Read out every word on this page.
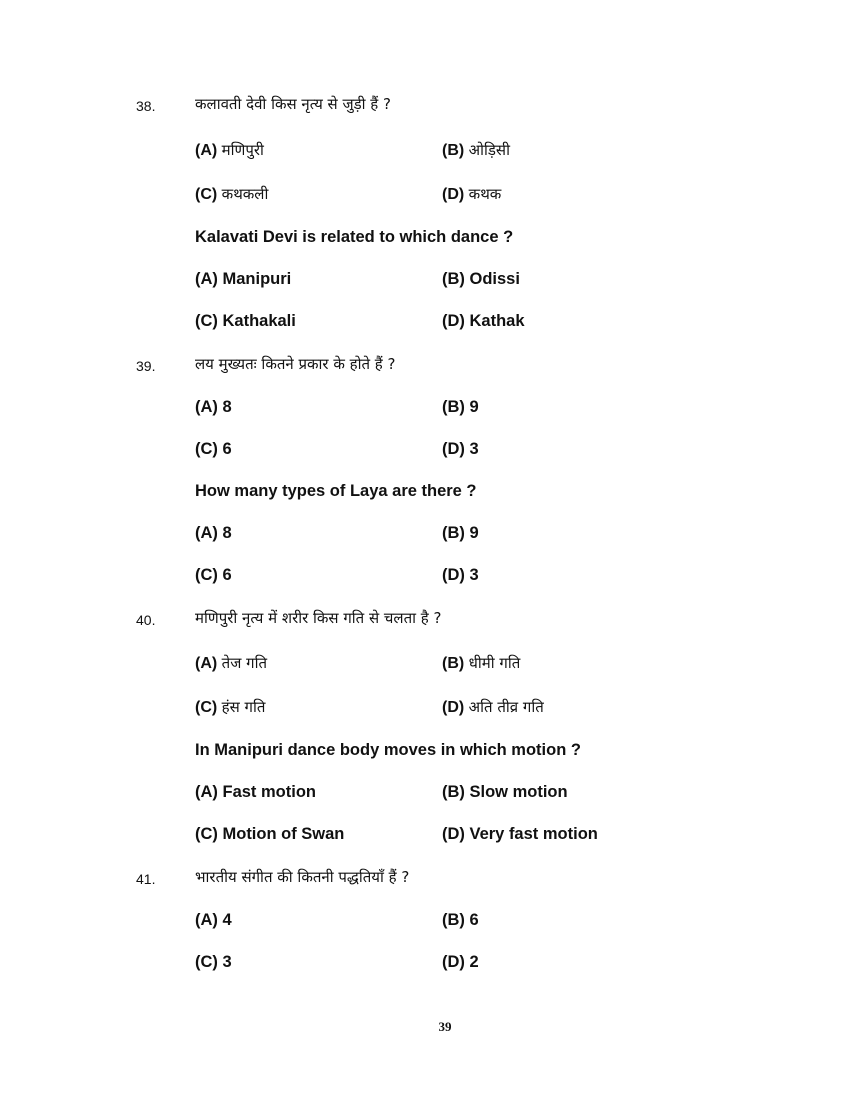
38.	कलावती देवी किस नृत्य से जुड़ी हैं ?
(A) मणिपुरी	(B) ओड़िसी
(C) कथकली	(D) कथक
Kalavati Devi is related to which dance ?
(A) Manipuri	(B) Odissi
(C) Kathakali	(D) Kathak
39.	लय मुख्यतः कितने प्रकार के होते हैं ?
(A) 8	(B) 9
(C) 6	(D) 3
How many types of Laya are there ?
(A) 8	(B) 9
(C) 6	(D) 3
40.	मणिपुरी नृत्य में शरीर किस गति से चलता है ?
(A) तेज गति	(B) धीमी गति
(C) हंस गति	(D) अति तीव्र गति
In Manipuri dance body moves in which motion ?
(A) Fast motion	(B) Slow motion
(C) Motion of Swan	(D) Very fast motion
41.	भारतीय संगीत की कितनी पद्धतियाँ हैं ?
(A) 4	(B) 6
(C) 3	(D) 2
39
